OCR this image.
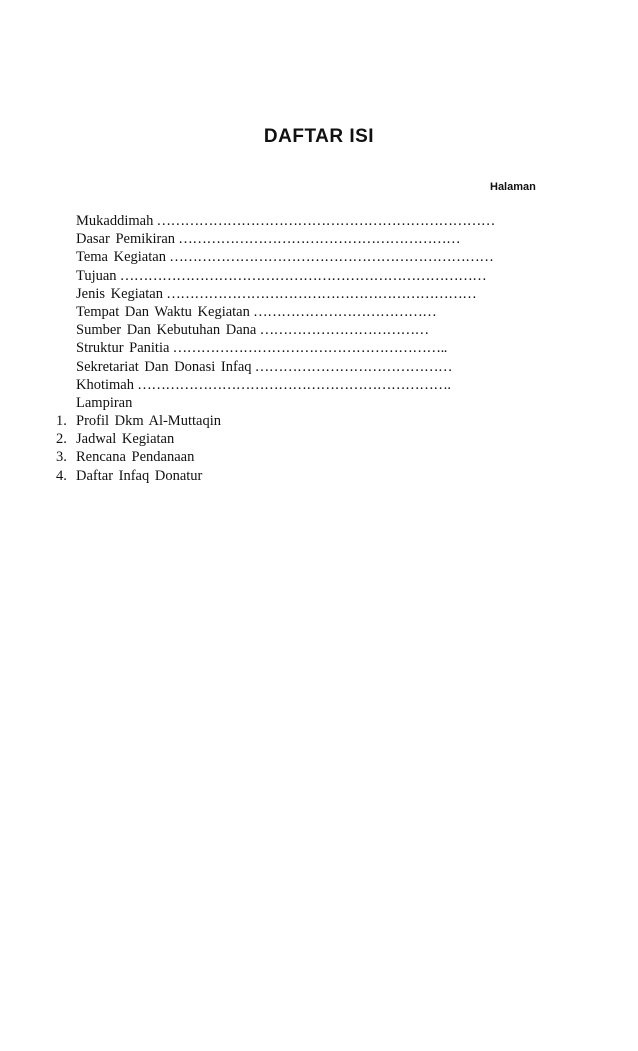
DAFTAR ISI
Halaman
Mukaddimah ………………………………………………………………
Dasar Pemikiran ……………………………………………………
Tema Kegiatan ……………………………………………………………
Tujuan ……………………………………………………………………
Jenis Kegiatan …………………………………………………………
Tempat Dan Waktu Kegiatan …………………………………
Sumber Dan Kebutuhan Dana ………………………………
Struktur Panitia …………………………………………………..
Sekretariat Dan Donasi Infaq ……………………………………
Khotimah ………………………………………………………….
Lampiran
1. Profil Dkm Al-Muttaqin
2. Jadwal Kegiatan
3. Rencana Pendanaan
4. Daftar Infaq Donatur
